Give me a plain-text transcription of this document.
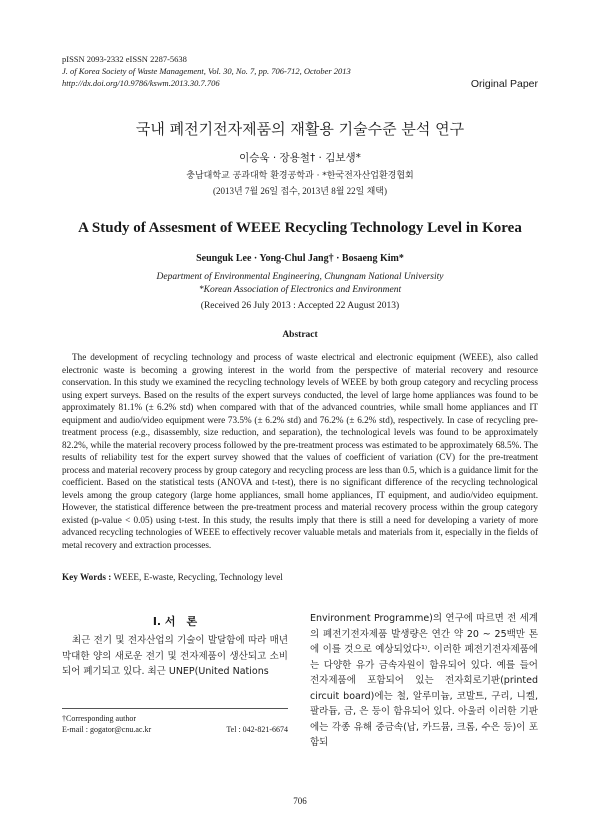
pISSN 2093-2332 eISSN 2287-5638
J. of Korea Society of Waste Management, Vol. 30, No. 7, pp. 706-712, October 2013
http://dx.doi.org/10.9786/kswm.2013.30.7.706	Original Paper
국내 폐전기전자제품의 재활용 기술수준 분석 연구
이승욱 · 장용철† · 김보생*
충남대학교 공과대학 환경공학과 · *한국전자산업환경협회
(2013년 7월 26일 접수, 2013년 8월 22일 채택)
A Study of Assesment of WEEE Recycling Technology Level in Korea
Seunguk Lee · Yong-Chul Jang† · Bosaeng Kim*
Department of Environmental Engineering, Chungnam National University
*Korean Association of Electronics and Environment
(Received 26 July 2013 : Accepted 22 August 2013)
Abstract

The development of recycling technology and process of waste electrical and electronic equipment (WEEE), also called electronic waste is becoming a growing interest in the world from the perspective of material recovery and resource conservation. In this study we examined the recycling technology levels of WEEE by both group category and recycling process using expert surveys. Based on the results of the expert surveys conducted, the level of large home appliances was found to be approximately 81.1% (± 6.2% std) when compared with that of the advanced countries, while small home appliances and IT equipment and audio/video equipment were 73.5% (± 6.2% std) and 76.2% (± 6.2% std), respectively. In case of recycling pre-treatment process (e.g., disassembly, size reduction, and separation), the technological levels was found to be approximately 82.2%, while the material recovery process followed by the pre-treatment process was estimated to be approximately 68.5%. The results of reliability test for the expert survey showed that the values of coefficient of variation (CV) for the pre-treatment process and material recovery process by group category and recycling process are less than 0.5, which is a guidance limit for the coefficient. Based on the statistical tests (ANOVA and t-test), there is no significant difference of the recycling technological levels among the group category (large home appliances, small home appliances, IT equipment, and audio/video equipment. However, the statistical difference between the pre-treatment process and material recovery process within the group category existed (p-value < 0.05) using t-test. In this study, the results imply that there is still a need for developing a variety of more advanced recycling technologies of WEEE to effectively recover valuable metals and materials from it, especially in the fields of metal recovery and extraction processes.

Key Words : WEEE, E-waste, Recycling, Technology level
I. 서　론

최근 전기 및 전자산업의 기술이 발달함에 따라 매년 막대한 양의 새로운 전기 및 전자제품이 생산되고 소비되어 폐기되고 있다. 최근 UNEP(United Nations

Environment Programme)의 연구에 따르면 전 세계의 폐전기전자제품 발생량은 연간 약 20 ~ 25백만 톤에 이를 것으로 예상되었다¹⁾. 이러한 폐전기전자제품에는 다양한 유가 금속자원이 함유되어 있다. 예를 들어 전자제품에 포함되어 있는 전자회로기판(printed circuit board)에는 철, 알루미늄, 코발트, 구리, 니켈, 팔라듐, 금, 은 등이 함유되어 있다. 아울러 이러한 기판에는 각종 유해 중금속(납, 카드뮴, 크롬, 수은 등)이 포함되

†Corresponding author
E-mail : gogator@cnu.ac.kr	Tel : 042-821-6674
706
